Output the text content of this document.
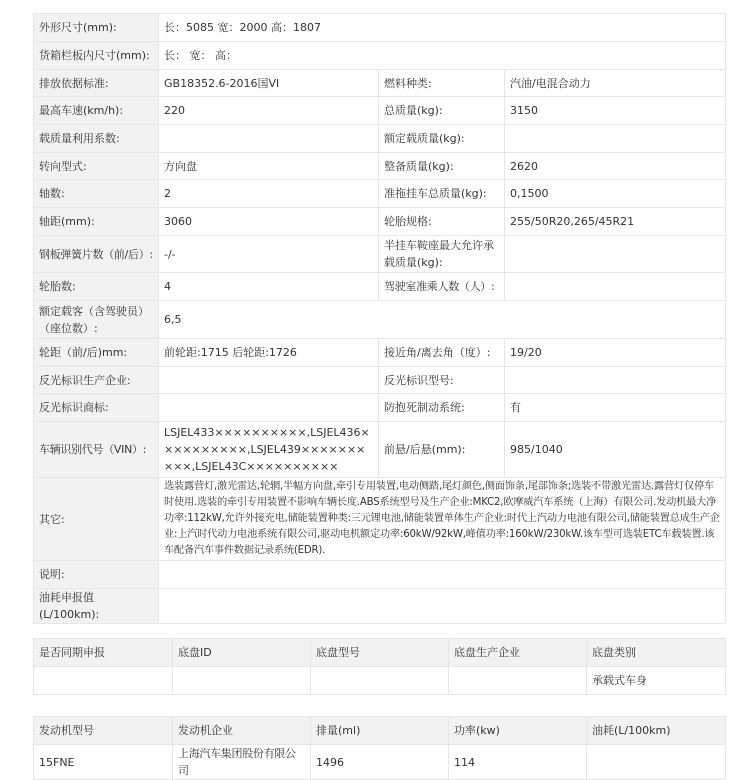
外形尺寸(mm):	长：5085 宽：2000 高：1807		
货箱栏板内尺寸(mm):	长： 宽： 高：		
排放依据标准:	GB18352.6-2016国VI	燃料种类:	汽油/电混合动力
最高车速(km/h):	220	总质量(kg):	3150
载质量利用系数:		额定载质量(kg):	
转向型式:	方向盘	整备质量(kg):	2620
轴数:	2	准拖挂车总质量(kg):	0,1500
轴距(mm):	3060	轮胎规格:	255/50R20,265/45R21
钢板弹簧片数（前/后）:	-/-	半挂车鞍座最大允许承载质量(kg):	
轮胎数:	4	驾驶室准乘人数（人）:	
额定载客（含驾驶员）（座位数）:	6,5		
轮距（前/后)mm:	前轮距:1715 后轮距:1726	接近角/离去角（度）:	19/20
反光标识生产企业:		反光标识型号:	
反光标识商标:		防抱死制动系统:	有
车辆识别代号（VIN）:	LSJEL433××××××××××,LSJEL436××××××××××,LSJEL439××××××××××,LSJEL43C××××××××××	前悬/后悬(mm):	985/1040
其它:	选装露营灯,激光雷达,轮辋,半幅方向盘,牵引专用装置,电动侧踏,尾灯颜色,侧面饰条,尾部饰条;选装不带激光雷达.露营灯仅停车时使用.选装的牵引专用装置不影响车辆长度.ABS系统型号及生产企业:MKC2,欧摩威汽车系统（上海）有限公司.发动机最大净功率:112kW,允许外接充电,储能装置种类:三元锂电池,储能装置单体生产企业:时代上汽动力电池有限公司,储能装置总成生产企业:上汽时代动力电池系统有限公司,驱动电机额定功率:60kW/92kW,峰值功率:160kW/230kW.该车型可选装ETC车载装置.该车配备汽车事件数据记录系统(EDR).		
说明:			
油耗申报值(L/100km):			
是否同期申报	底盘ID	底盘型号	底盘生产企业	底盘类别
				承载式车身
发动机型号	发动机企业	排量(ml)	功率(kw)	油耗(L/100km)
15FNE	上海汽车集团股份有限公司	1496	114	
